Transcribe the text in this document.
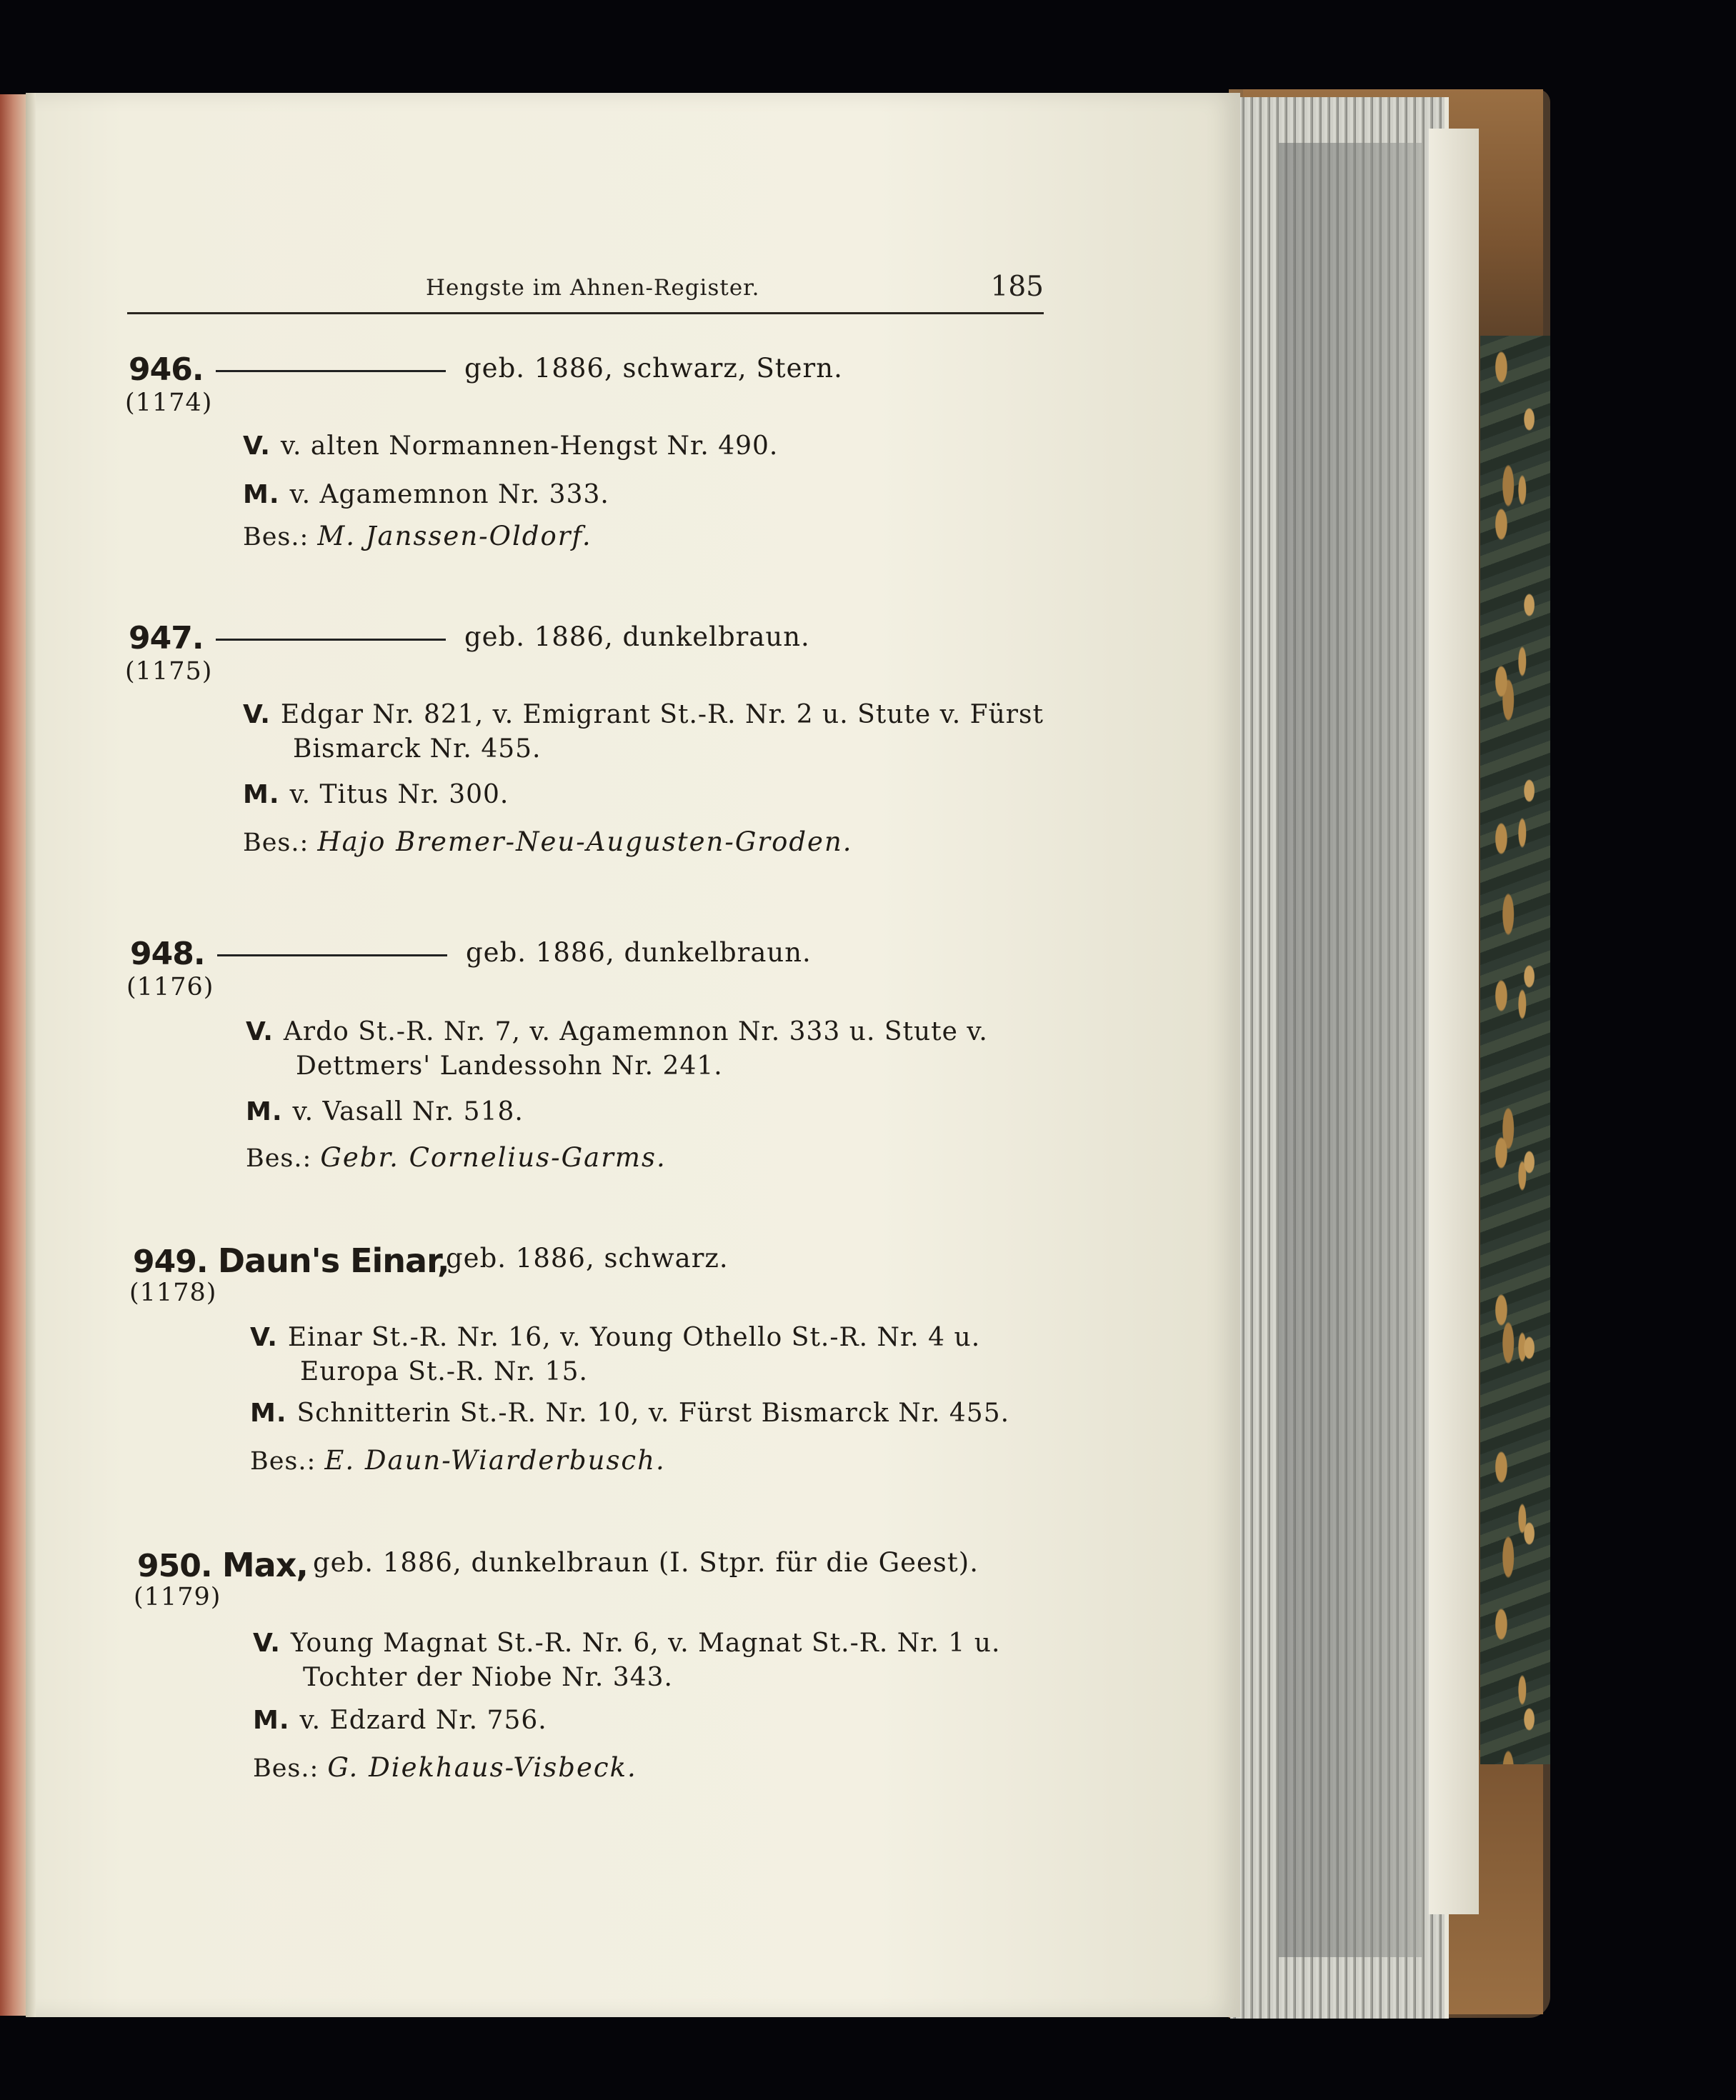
Hengste im Ahnen-Register.	185
946.	geb. 1886, schwarz, Stern.
(1174)
V. v. alten Normannen-Hengst Nr. 490.
M. v. Agamemnon Nr. 333.
Bes.: M. Janssen-Oldorf.
947.	geb. 1886, dunkelbraun.
(1175)
V. Edgar Nr. 821, v. Emigrant St.-R. Nr. 2 u. Stute v. Fürst
Bismarck Nr. 455.
M. v. Titus Nr. 300.
Bes.: Hajo Bremer-Neu-Augusten-Groden.
948.	geb. 1886, dunkelbraun.
(1176)
V. Ardo St.-R. Nr. 7, v. Agamemnon Nr. 333 u. Stute v.
Dettmers' Landessohn Nr. 241.
M. v. Vasall Nr. 518.
Bes.: Gebr. Cornelius-Garms.
949. Daun's Einar,
geb. 1886, schwarz.
(1178)
V. Einar St.-R. Nr. 16, v. Young Othello St.-R. Nr. 4 u.
Europa St.-R. Nr. 15.
M. Schnitterin St.-R. Nr. 10, v. Fürst Bismarck Nr. 455.
Bes.: E. Daun-Wiarderbusch.
950. Max, geb. 1886, dunkelbraun (I. Stpr. für die Geest).
(1179)
V. Young Magnat St.-R. Nr. 6, v. Magnat St.-R. Nr. 1 u.
Tochter der Niobe Nr. 343.
M. v. Edzard Nr. 756.
Bes.: G. Diekhaus-Visbeck.
